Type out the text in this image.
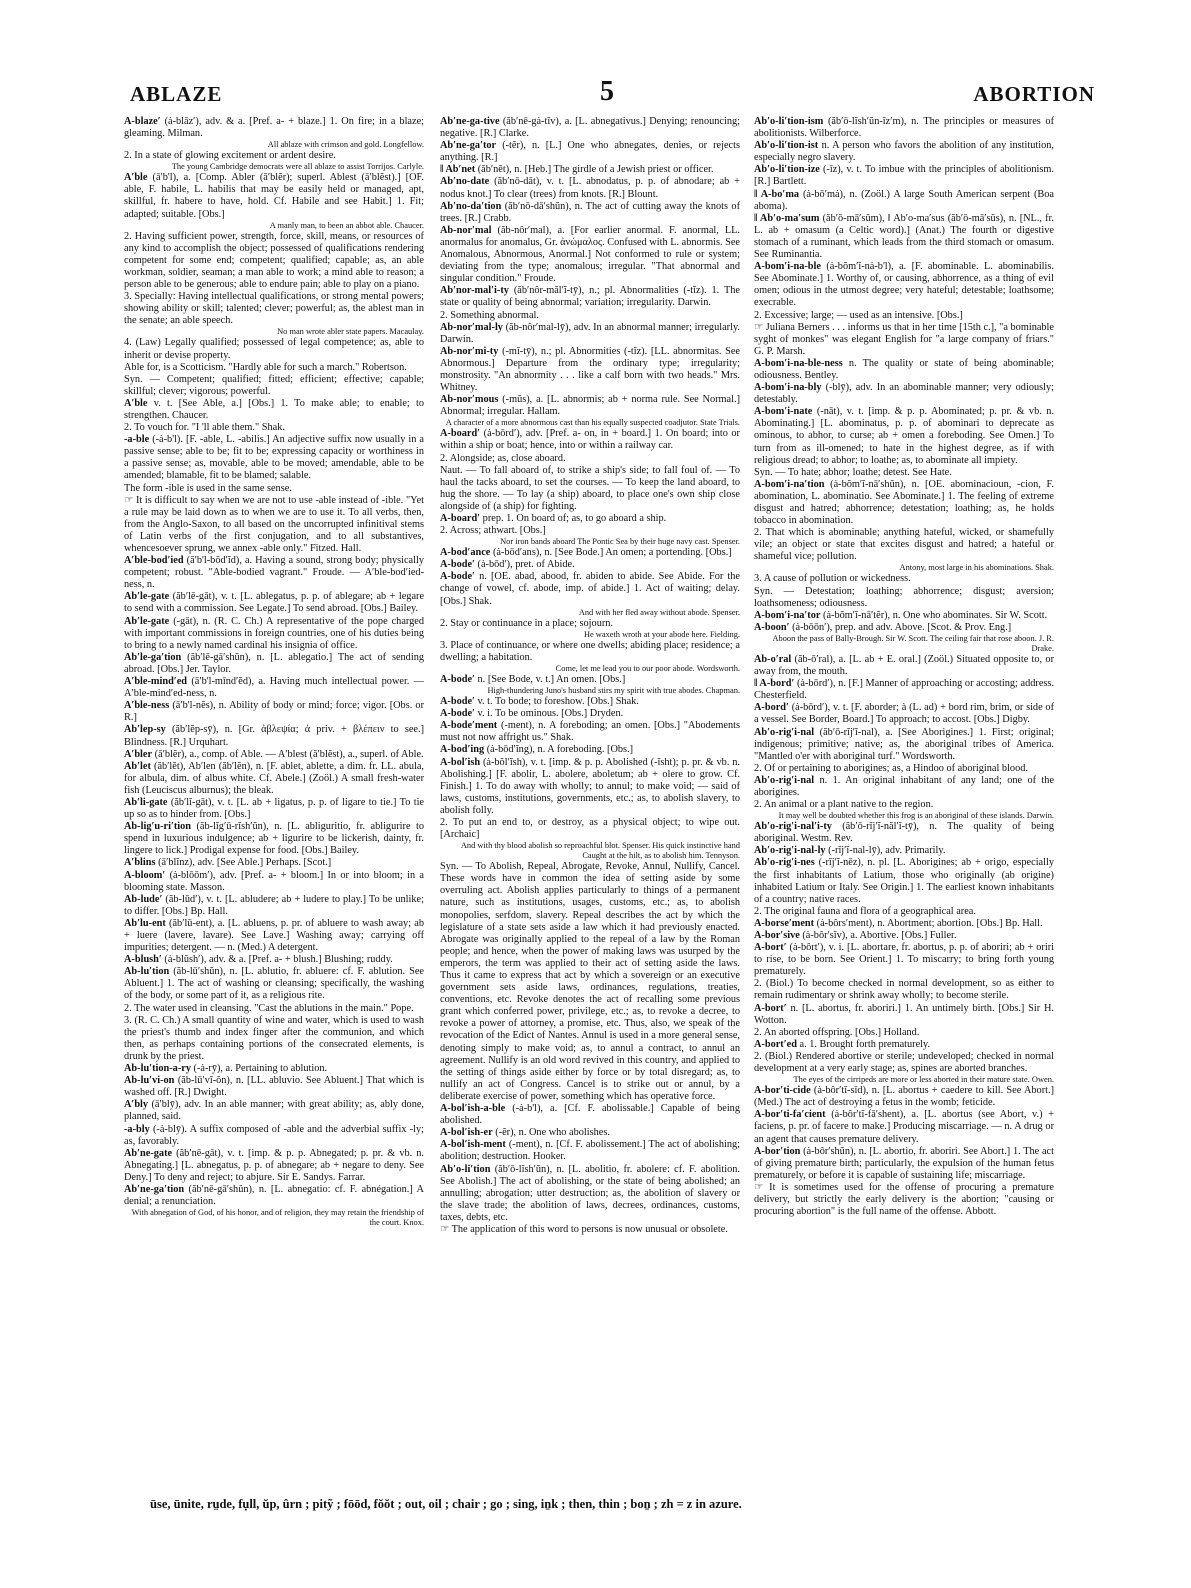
ABLAZE	5	ABORTION

A-blaze′ (ȧ-blāz′), adv. & a. [Pref. a- + blaze.] 1. On fire; in a blaze; gleaming. Milman.

All ablaze with crimson and gold. Longfellow.

2. In a state of glowing excitement or ardent desire.

The young Cambridge democrats were all ablaze to assist Torrijos. Carlyle.

A′ble (ā′b'l), a. [Comp. Abler (ā′blẽr); superl. Ablest (ā′blĕst).] [OF. able, F. habile, L. habilis that may be easily held or managed, apt, skillful, fr. habere to have, hold. Cf. Habile and see Habit.] 1. Fit; adapted; suitable. [Obs.]

A manly man, to been an abbot able. Chaucer.

2. Having sufficient power, strength, force, skill, means, or resources of any kind to accomplish the object; possessed of qualifications rendering competent for some end; competent; qualified; capable; as, an able workman, soldier, seaman; a man able to work; a mind able to reason; a person able to be generous; able to endure pain; able to play on a piano.

3. Specially: Having intellectual qualifications, or strong mental powers; showing ability or skill; talented; clever; powerful; as, the ablest man in the senate; an able speech.

No man wrote abler state papers. Macaulay.

4. (Law) Legally qualified; possessed of legal competence; as, able to inherit or devise property.

Able for, is a Scotticism. "Hardly able for such a march." Robertson.

Syn. — Competent; qualified; fitted; efficient; effective; capable; skillful; clever; vigorous; powerful.

A′ble v. t. [See Able, a.] [Obs.] 1. To make able; to enable; to strengthen. Chaucer.

2. To vouch for. "I 'll able them." Shak.

-a-ble (-ȧ-b'l). [F. -able, L. -abilis.] An adjective suffix now usually in a passive sense; able to be; fit to be; expressing capacity or worthiness in a passive sense; as, movable, able to be moved; amendable, able to be amended; blamable, fit to be blamed; salable.

The form -ible is used in the same sense.

☞ It is difficult to say when we are not to use -able instead of -ible. "Yet a rule may be laid down as to when we are to use it. To all verbs, then, from the Anglo-Saxon, to all based on the uncorrupted infinitival stems of Latin verbs of the first conjugation, and to all substantives, whencesoever sprung, we annex -able only." Fitzed. Hall.

A′ble-bod′ied (ā′b'l-bŏd′ĭd), a. Having a sound, strong body; physically competent; robust. "Able-bodied vagrant." Froude. — A′ble-bod′ied-ness, n.

Ab′le-gate (ăb′lē-gāt), v. t. [L. ablegatus, p. p. of ablegare; ab + legare to send with a commission. See Legate.] To send abroad. [Obs.] Bailey.

Ab′le-gate (-gāt), n. (R. C. Ch.) A representative of the pope charged with important commissions in foreign countries, one of his duties being to bring to a newly named cardinal his insignia of office.

Ab′le-ga′tion (ăb′lē-gā′shŭn), n. [L. ablegatio.] The act of sending abroad. [Obs.] Jer. Taylor.

A′ble-mind′ed (ā′b'l-mīnd′ĕd), a. Having much intellectual power. — A′ble-mind′ed-ness, n.

A′ble-ness (ā′b'l-nĕs), n. Ability of body or mind; force; vigor. [Obs. or R.]

Ab′lep-sy (ăb′lĕp-sȳ), n. [Gr. ἀβλεψία; ἀ priv. + βλέπειν to see.] Blindness. [R.] Urquhart.

A′bler (ā′blẽr), a., comp. of Able. — A′blest (ā′blĕst), a., superl. of Able.

Ab′let (ăb′lĕt), Ab′len (ăb′lĕn), n. [F. ablet, ablette, a dim. fr. LL. abula, for albula, dim. of albus white. Cf. Abele.] (Zoöl.) A small fresh-water fish (Leuciscus alburnus); the bleak.

Ab′li-gate (ăb′lĭ-gāt), v. t. [L. ab + ligatus, p. p. of ligare to tie.] To tie up so as to hinder from. [Obs.]

Ab-lig′u-ri′tion (ăb-lĭg′ū-rĭsh′ŭn), n. [L. abliguritio, fr. abligurire to spend in luxurious indulgence; ab + ligurire to be lickerish, dainty, fr. lingere to lick.] Prodigal expense for food. [Obs.] Bailey.

A′blins (ā′blĭnz), adv. [See Able.] Perhaps. [Scot.]

A-bloom′ (ȧ-blōōm′), adv. [Pref. a- + bloom.] In or into bloom; in a blooming state. Masson.

Ab-lude′ (ăb-lūd′), v. t. [L. abludere; ab + ludere to play.] To be unlike; to differ. [Obs.] Bp. Hall.

Ab′lu-ent (ăb′lū-ent), a. [L. abluens, p. pr. of abluere to wash away; ab + luere (lavere, lavare). See Lave.] Washing away; carrying off impurities; detergent. — n. (Med.) A detergent.

A-blush′ (ȧ-blŭsh′), adv. & a. [Pref. a- + blush.] Blushing; ruddy.

Ab-lu′tion (ăb-lū′shŭn), n. [L. ablutio, fr. abluere: cf. F. ablution. See Abluent.] 1. The act of washing or cleansing; specifically, the washing of the body, or some part of it, as a religious rite.

2. The water used in cleansing. "Cast the ablutions in the main." Pope.

3. (R. C. Ch.) A small quantity of wine and water, which is used to wash the priest's thumb and index finger after the communion, and which then, as perhaps containing portions of the consecrated elements, is drunk by the priest.

Ab-lu′tion-a-ry (-ȧ-rȳ), a. Pertaining to ablution.

Ab-lu′vi-on (ăb-lū′vĭ-ŏn), n. [LL. abluvio. See Abluent.] That which is washed off. [R.] Dwight.

A′bly (ā′blȳ), adv. In an able manner; with great ability; as, ably done, planned, said.

-a-bly (-ȧ-blȳ). A suffix composed of -able and the adverbial suffix -ly; as, favorably.

Ab′ne-gate (ăb′nē-gāt), v. t. [imp. & p. p. Abnegated; p. pr. & vb. n. Abnegating.] [L. abnegatus, p. p. of abnegare; ab + negare to deny. See Deny.] To deny and reject; to abjure. Sir E. Sandys. Farrar.

Ab′ne-ga′tion (ăb′nē-gā′shŭn), n. [L. abnegatio: cf. F. abnégation.] A denial; a renunciation.

With abnegation of God, of his honor, and of religion, they may retain the friendship of the court. Knox.

Ab′ne-ga-tive (ăb′nē-gȧ-tĭv), a. [L. abnegativus.] Denying; renouncing; negative. [R.] Clarke.

Ab′ne-ga′tor (-tẽr), n. [L.] One who abnegates, denies, or rejects anything. [R.]

‖ Ab′net (ăb′nĕt), n. [Heb.] The girdle of a Jewish priest or officer.

Ab′no-date (ăb′nō-dāt), v. t. [L. abnodatus, p. p. of abnodare; ab + nodus knot.] To clear (trees) from knots. [R.] Blount.

Ab′no-da′tion (ăb′nō-dā′shŭn), n. The act of cutting away the knots of trees. [R.] Crabb.

Ab-nor′mal (ăb-nôr′mal), a. [For earlier anormal. F. anormal, LL. anormalus for anomalus, Gr. ἀνώμαλος. Confused with L. abnormis. See Anomalous, Abnormous, Anormal.] Not conformed to rule or system; deviating from the type; anomalous; irregular. "That abnormal and singular condition." Froude.

Ab′nor-mal′i-ty (ăb′nôr-măl′ĭ-tȳ), n.; pl. Abnormalities (-tĭz). 1. The state or quality of being abnormal; variation; irregularity. Darwin.

2. Something abnormal.

Ab-nor′mal-ly (ăb-nôr′mal-lȳ), adv. In an abnormal manner; irregularly. Darwin.

Ab-nor′mi-ty (-mĭ-tȳ), n.; pl. Abnormities (-tĭz). [LL. abnormitas. See Abnormous.] Departure from the ordinary type; irregularity; monstrosity. "An abnormity . . . like a calf born with two heads." Mrs. Whitney.

Ab-nor′mous (-mŭs), a. [L. abnormis; ab + norma rule. See Normal.] Abnormal; irregular. Hallam.

A character of a more abnormous cast than his equally suspected coadjutor. State Trials.

A-board′ (ȧ-bōrd′), adv. [Pref. a- on, in + board.] 1. On board; into or within a ship or boat; hence, into or within a railway car.

2. Alongside; as, close aboard.

Naut. — To fall aboard of, to strike a ship's side; to fall foul of. — To haul the tacks aboard, to set the courses. — To keep the land aboard, to hug the shore. — To lay (a ship) aboard, to place one's own ship close alongside of (a ship) for fighting.

A-board′ prep. 1. On board of; as, to go aboard a ship.

2. Across; athwart. [Obs.]

Nor iron bands aboard The Pontic Sea by their huge navy cast. Spenser.

A-bod′ance (ȧ-bōd′ans), n. [See Bode.] An omen; a portending. [Obs.]

A-bode′ (ȧ-bōd′), pret. of Abide.

A-bode′ n. [OE. abad, abood, fr. abiden to abide. See Abide. For the change of vowel, cf. abode, imp. of abide.] 1. Act of waiting; delay. [Obs.] Shak.

And with her fled away without abode. Spenser.

2. Stay or continuance in a place; sojourn.

He waxeth wroth at your abode here. Fielding.

3. Place of continuance, or where one dwells; abiding place; residence; a dwelling; a habitation.

Come, let me lead you to our poor abode. Wordsworth.

A-bode′ n. [See Bode, v. t.] An omen. [Obs.]

High-thundering Juno's husband stirs my spirit with true abodes. Chapman.

A-bode′ v. t. To bode; to foreshow. [Obs.] Shak.

A-bode′ v. i. To be ominous. [Obs.] Dryden.

A-bode′ment (-ment), n. A foreboding; an omen. [Obs.] "Abodements must not now affright us." Shak.

A-bod′ing (ȧ-bōd′ĭng), n. A foreboding. [Obs.]

A-bol′ish (ȧ-bŏl′ĭsh), v. t. [imp. & p. p. Abolished (-ĭsht); p. pr. & vb. n. Abolishing.] [F. abolir, L. abolere, aboletum; ab + olere to grow. Cf. Finish.] 1. To do away with wholly; to annul; to make void; — said of laws, customs, institutions, governments, etc.; as, to abolish slavery, to abolish folly.

2. To put an end to, or destroy, as a physical object; to wipe out. [Archaic]

And with thy blood abolish so reproachful blot. Spenser. His quick instinctive hand Caught at the hilt, as to abolish him. Tennyson.

Syn. — To Abolish, Repeal, Abrogate, Revoke, Annul, Nullify, Cancel. These words have in common the idea of setting aside by some overruling act. Abolish applies particularly to things of a permanent nature, such as institutions, usages, customs, etc.; as, to abolish monopolies, serfdom, slavery. Repeal describes the act by which the legislature of a state sets aside a law which it had previously enacted. Abrogate was originally applied to the repeal of a law by the Roman people; and hence, when the power of making laws was usurped by the emperors, the term was applied to their act of setting aside the laws. Thus it came to express that act by which a sovereign or an executive government sets aside laws, ordinances, regulations, treaties, conventions, etc. Revoke denotes the act of recalling some previous grant which conferred power, privilege, etc.; as, to revoke a decree, to revoke a power of attorney, a promise, etc. Thus, also, we speak of the revocation of the Edict of Nantes. Annul is used in a more general sense, denoting simply to make void; as, to annul a contract, to annul an agreement. Nullify is an old word revived in this country, and applied to the setting of things aside either by force or by total disregard; as, to nullify an act of Congress. Cancel is to strike out or annul, by a deliberate exercise of power, something which has operative force.

A-bol′ish-a-ble (-ȧ-b'l), a. [Cf. F. abolissable.] Capable of being abolished.

A-bol′ish-er (-ẽr), n. One who abolishes.

A-bol′ish-ment (-ment), n. [Cf. F. abolissement.] The act of abolishing; abolition; destruction. Hooker.

Ab′o-li′tion (ăb′ō-lĭsh′ŭn), n. [L. abolitio, fr. abolere: cf. F. abolition. See Abolish.] The act of abolishing, or the state of being abolished; an annulling; abrogation; utter destruction; as, the abolition of slavery or the slave trade; the abolition of laws, decrees, ordinances, customs, taxes, debts, etc.

☞ The application of this word to persons is now unusual or obsolete.

Ab′o-li′tion-ism (ăb′ō-lĭsh′ŭn-ĭz′m), n. The principles or measures of abolitionists. Wilberforce.

Ab′o-li′tion-ist n. A person who favors the abolition of any institution, especially negro slavery.

Ab′o-li′tion-ize (-īz), v. t. To imbue with the principles of abolitionism. [R.] Bartlett.

‖ A-bo′ma (ȧ-bō′mȧ), n. (Zoöl.) A large South American serpent (Boa aboma).

‖ Ab′o-ma′sum (ăb′ō-mā′sŭm), ‖ Ab′o-ma′sus (ăb′ō-mā′sŭs), n. [NL., fr. L. ab + omasum (a Celtic word).] (Anat.) The fourth or digestive stomach of a ruminant, which leads from the third stomach or omasum. See Ruminantia.

A-bom′i-na-ble (ȧ-bŏm′ĭ-nȧ-b'l), a. [F. abominable. L. abominabilis. See Abominate.] 1. Worthy of, or causing, abhorrence, as a thing of evil omen; odious in the utmost degree; very hateful; detestable; loathsome; execrable.

2. Excessive; large; — used as an intensive. [Obs.]

☞ Juliana Berners . . . informs us that in her time [15th c.], "a bominable syght of monkes" was elegant English for "a large company of friars." G. P. Marsh.

A-bom′i-na-ble-ness n. The quality or state of being abominable; odiousness. Bentley.

A-bom′i-na-bly (-blȳ), adv. In an abominable manner; very odiously; detestably.

A-bom′i-nate (-nāt), v. t. [imp. & p. p. Abominated; p. pr. & vb. n. Abominating.] [L. abominatus, p. p. of abominari to deprecate as ominous, to abhor, to curse; ab + omen a foreboding. See Omen.] To turn from as ill-omened; to hate in the highest degree, as if with religious dread; to abhor; to loathe; as, to abominate all impiety.

Syn. — To hate; abhor; loathe; detest. See Hate.

A-bom′i-na′tion (ȧ-bŏm′ĭ-nā′shŭn), n. [OE. abominacioun, -cion, F. abomination, L. abominatio. See Abominate.] 1. The feeling of extreme disgust and hatred; abhorrence; detestation; loathing; as, he holds tobacco in abomination.

2. That which is abominable; anything hateful, wicked, or shamefully vile; an object or state that excites disgust and hatred; a hateful or shameful vice; pollution.

Antony, most large in his abominations. Shak.

3. A cause of pollution or wickedness.

Syn. — Detestation; loathing; abhorrence; disgust; aversion; loathsomeness; odiousness.

A-bom′i-na′tor (ȧ-bŏm′ĭ-nā′tẽr), n. One who abominates. Sir W. Scott.

A-boon′ (ȧ-bōōn′), prep. and adv. Above. [Scot. & Prov. Eng.]

Aboon the pass of Bally-Brough. Sir W. Scott. The ceiling fair that rose aboon. J. R. Drake.

Ab-o′ral (ăb-ō′ral), a. [L. ab + E. oral.] (Zoöl.) Situated opposite to, or away from, the mouth.

‖ A-bord′ (ȧ-bōrd′), n. [F.] Manner of approaching or accosting; address. Chesterfield.

A-bord′ (ȧ-bōrd′), v. t. [F. aborder; à (L. ad) + bord rim, brim, or side of a vessel. See Border, Board.] To approach; to accost. [Obs.] Digby.

Ab′o-rig′i-nal (ăb′ō-rĭj′ĭ-nal), a. [See Aborigines.] 1. First; original; indigenous; primitive; native; as, the aboriginal tribes of America. "Mantled o'er with aboriginal turf." Wordsworth.

2. Of or pertaining to aborigines; as, a Hindoo of aboriginal blood.

Ab′o-rig′i-nal n. 1. An original inhabitant of any land; one of the aborigines.

2. An animal or a plant native to the region.

It may well be doubted whether this frog is an aboriginal of these islands. Darwin.

Ab′o-rig′i-nal′i-ty (ăb′ō-rĭj′ĭ-năl′ĭ-tȳ), n. The quality of being aboriginal. Westm. Rev.

Ab′o-rig′i-nal-ly (-rĭj′ĭ-nal-lȳ), adv. Primarily.

Ab′o-rig′i-nes (-rĭj′ĭ-nēz), n. pl. [L. Aborigines; ab + origo, especially the first inhabitants of Latium, those who originally (ab origine) inhabited Latium or Italy. See Origin.] 1. The earliest known inhabitants of a country; native races.

2. The original fauna and flora of a geographical area.

A-borse′ment (ȧ-bôrs′ment), n. Abortment; abortion. [Obs.] Bp. Hall.

A-bor′sive (ȧ-bôr′sĭv), a. Abortive. [Obs.] Fuller.

A-bort′ (ȧ-bôrt′), v. i. [L. abortare, fr. abortus, p. p. of aboriri; ab + oriri to rise, to be born. See Orient.] 1. To miscarry; to bring forth young prematurely.

2. (Biol.) To become checked in normal development, so as either to remain rudimentary or shrink away wholly; to become sterile.

A-bort′ n. [L. abortus, fr. aboriri.] 1. An untimely birth. [Obs.] Sir H. Wotton.

2. An aborted offspring. [Obs.] Holland.

A-bort′ed a. 1. Brought forth prematurely.

2. (Biol.) Rendered abortive or sterile; undeveloped; checked in normal development at a very early stage; as, spines are aborted branches.

The eyes of the cirripeds are more or less aborted in their mature state. Owen.

A-bor′ti-cide (ȧ-bôr′tĭ-sīd), n. [L. abortus + caedere to kill. See Abort.] (Med.) The act of destroying a fetus in the womb; feticide.

A-bor′ti-fa′cient (ȧ-bôr′tĭ-fā′shent), a. [L. abortus (see Abort, v.) + faciens, p. pr. of facere to make.] Producing miscarriage. — n. A drug or an agent that causes premature delivery.

A-bor′tion (ȧ-bôr′shŭn), n. [L. abortio, fr. aboriri. See Abort.] 1. The act of giving premature birth; particularly, the expulsion of the human fetus prematurely, or before it is capable of sustaining life; miscarriage.

☞ It is sometimes used for the offense of procuring a premature delivery, but strictly the early delivery is the abortion; "causing or procuring abortion" is the full name of the offense. Abbott.

ūse, ūnite, rṳde, fụll, ŭp, ûrn ; pitỹ ; fōōd, fŏŏt ; out, oil ; chair ; go ; sing, iṉk ; then, thin ; boṉ ; zh = z in azure.
